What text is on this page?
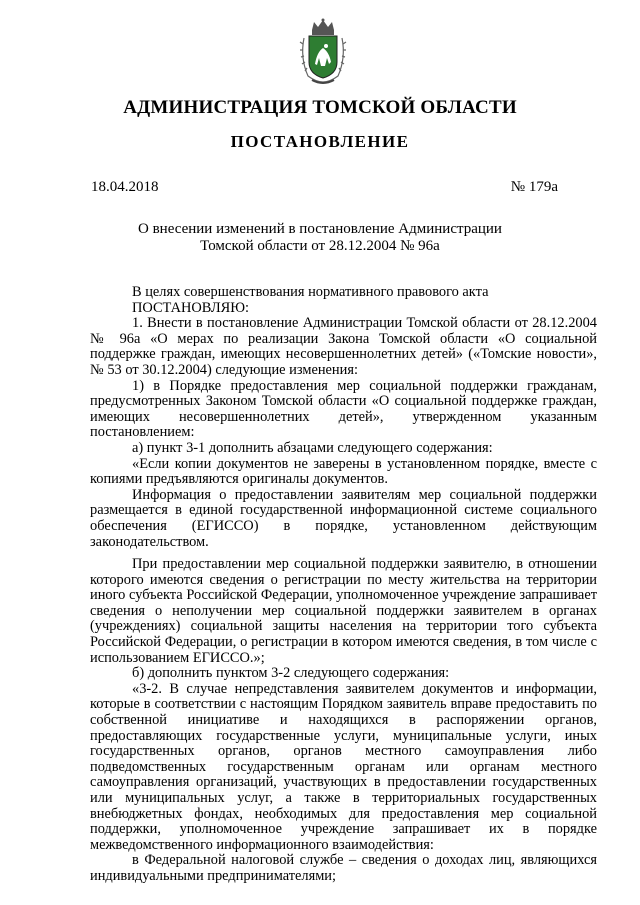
АДМИНИСТРАЦИЯ ТОМСКОЙ ОБЛАСТИ
ПОСТАНОВЛЕНИЕ
18.04.2018	№ 179а
О внесении изменений в постановление Администрации
Томской области от 28.12.2004 № 96а

В целях совершенствования нормативного правового акта

ПОСТАНОВЛЯЮ:

1. Внести в постановление Администрации Томской области от 28.12.2004 № 96а «О мерах по реализации Закона Томской области «О социальной поддержке граждан, имеющих несовершеннолетних детей» («Томские новости», № 53 от 30.12.2004) следующие изменения:

1) в Порядке предоставления мер социальной поддержки гражданам, предусмотренных Законом Томской области «О социальной поддержке граждан, имеющих несовершеннолетних детей», утвержденном указанным постановлением:

а) пункт 3-1 дополнить абзацами следующего содержания:

«Если копии документов не заверены в установленном порядке, вместе с копиями предъявляются оригиналы документов.

Информация о предоставлении заявителям мер социальной поддержки размещается в единой государственной информационной системе социального обеспечения (ЕГИССО) в порядке, установленном действующим законодательством.

При предоставлении мер социальной поддержки заявителю, в отношении которого имеются сведения о регистрации по месту жительства на территории иного субъекта Российской Федерации, уполномоченное учреждение запрашивает сведения о неполучении мер социальной поддержки заявителем в органах (учреждениях) социальной защиты населения на территории того субъекта Российской Федерации, о регистрации в котором имеются сведения, в том числе с использованием ЕГИССО.»;

б) дополнить пунктом 3-2 следующего содержания:

«3-2. В случае непредставления заявителем документов и информации, которые в соответствии с настоящим Порядком заявитель вправе предоставить по собственной инициативе и находящихся в распоряжении органов, предоставляющих государственные услуги, муниципальные услуги, иных государственных органов, органов местного самоуправления либо подведомственных государственным органам или органам местного самоуправления организаций, участвующих в предоставлении государственных или муниципальных услуг, а также в территориальных государственных внебюджетных фондах, необходимых для предоставления мер социальной поддержки, уполномоченное учреждение запрашивает их в порядке межведомственного информационного взаимодействия:

в Федеральной налоговой службе – сведения о доходах лиц, являющихся индивидуальными предпринимателями;
